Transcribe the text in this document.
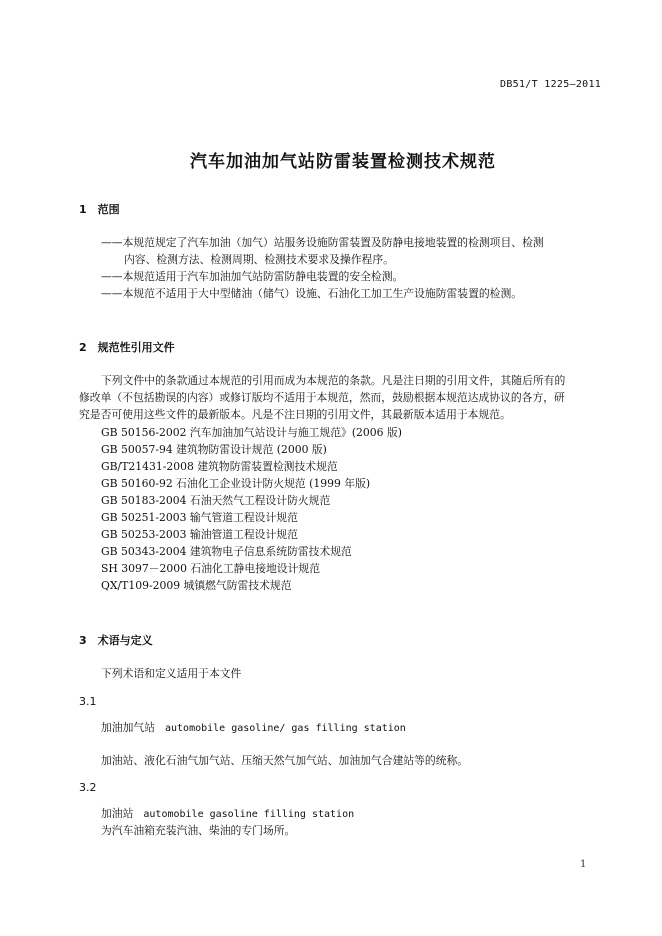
DB51/T 1225—2011
汽车加油加气站防雷装置检测技术规范
1　范围
——本规范规定了汽车加油（加气）站服务设施防雷装置及防静电接地装置的检测项目、检测
内容、检测方法、检测周期、检测技术要求及操作程序。
——本规范适用于汽车加油加气站防雷防静电装置的安全检测。
——本规范不适用于大中型储油（储气）设施、石油化工加工生产设施防雷装置的检测。
2　规范性引用文件
下列文件中的条款通过本规范的引用而成为本规范的条款。凡是注日期的引用文件，其随后所有的
修改单（不包括勘误的内容）或修订版均不适用于本规范，然而，鼓励根据本规范达成协议的各方，研
究是否可使用这些文件的最新版本。凡是不注日期的引用文件，其最新版本适用于本规范。
GB 50156-2002 汽车加油加气站设计与施工规范》(2006 版)
GB 50057-94 建筑物防雷设计规范 (2000 版)
GB/T21431-2008 建筑物防雷装置检测技术规范
GB 50160-92 石油化工企业设计防火规范 (1999 年版)
GB 50183-2004 石油天然气工程设计防火规范
GB 50251-2003 输气管道工程设计规范
GB 50253-2003 输油管道工程设计规范
GB 50343-2004 建筑物电子信息系统防雷技术规范
SH 3097－2000 石油化工静电接地设计规范
QX/T109-2009 城镇燃气防雷技术规范
3　术语与定义
下列术语和定义适用于本文件
3.1
加油加气站 automobile gasoline/ gas filling station
加油站、液化石油气加气站、压缩天然气加气站、加油加气合建站等的统称。
3.2
加油站 automobile gasoline filling station
为汽车油箱充装汽油、柴油的专门场所。
1
